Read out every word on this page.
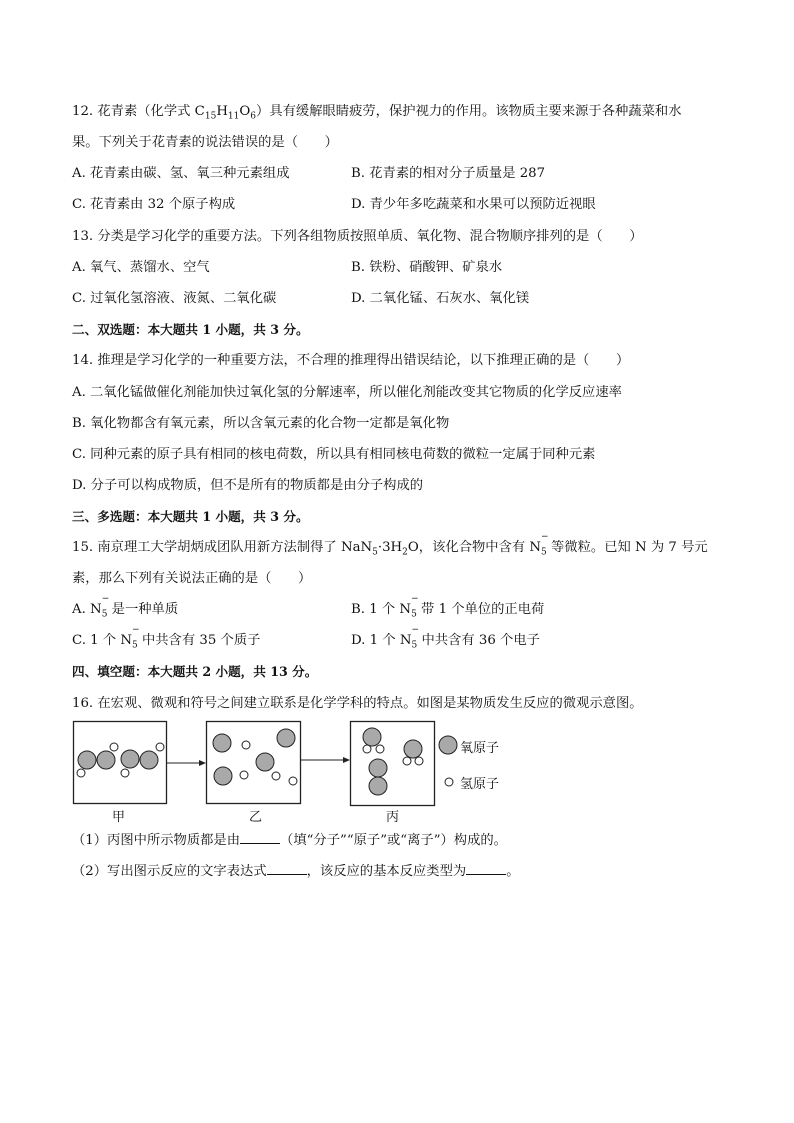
12. 花青素（化学式 $C_{15}H_{11}O_6$）具有缓解眼睛疲劳，保护视力的作用。该物质主要来源于各种蔬菜和水
果。下列关于花青素的说法错误的是（　　）
A. 花青素由碳、氢、氧三种元素组成	B. 花青素的相对分子质量是 287
C. 花青素由 32 个原子构成	D. 青少年多吃蔬菜和水果可以预防近视眼
13. 分类是学习化学的重要方法。下列各组物质按照单质、氧化物、混合物顺序排列的是（　　）
A. 氧气、蒸馏水、空气	B. 铁粉、硝酸钾、矿泉水
C. 过氧化氢溶液、液氮、二氧化碳	D. 二氧化锰、石灰水、氧化镁
二、双选题：本大题共 1 小题，共 3 分。
14. 推理是学习化学的一种重要方法，不合理的推理得出错误结论，以下推理正确的是（　　）
A. 二氧化锰做催化剂能加快过氧化氢的分解速率，所以催化剂能改变其它物质的化学反应速率
B. 氧化物都含有氧元素，所以含氧元素的化合物一定都是氧化物
C. 同种元素的原子具有相同的核电荷数，所以具有相同核电荷数的微粒一定属于同种元素
D. 分子可以构成物质，但不是所有的物质都是由分子构成的
三、多选题：本大题共 1 小题，共 3 分。
15. 南京理工大学胡炳成团队用新方法制得了 $NaN_5\cdot 3H_2O$，该化合物中含有 $N_5$
−
等微粒。已知 N 为 7 号元
素，那么下列有关说法正确的是（　　）
A. $N_5$
−
是一种单质	B. 1 个 $N_5$
−
带 1 个单位的正电荷
C. 1 个 $N_5$
−
中共含有 35 个质子	D. 1 个 $N_5$
−
中共含有 36 个电子
四、填空题：本大题共 2 小题，共 13 分。
16. 在宏观、微观和符号之间建立联系是化学学科的特点。如图是某物质发生反应的微观示意图。
甲	乙	丙
氧原子
氢原子
（1）丙图中所示物质都是由	（填“分子”“原子”或“离子”）构成的。
（2）写出图示反应的文字表达式	，该反应的基本反应类型为	。
